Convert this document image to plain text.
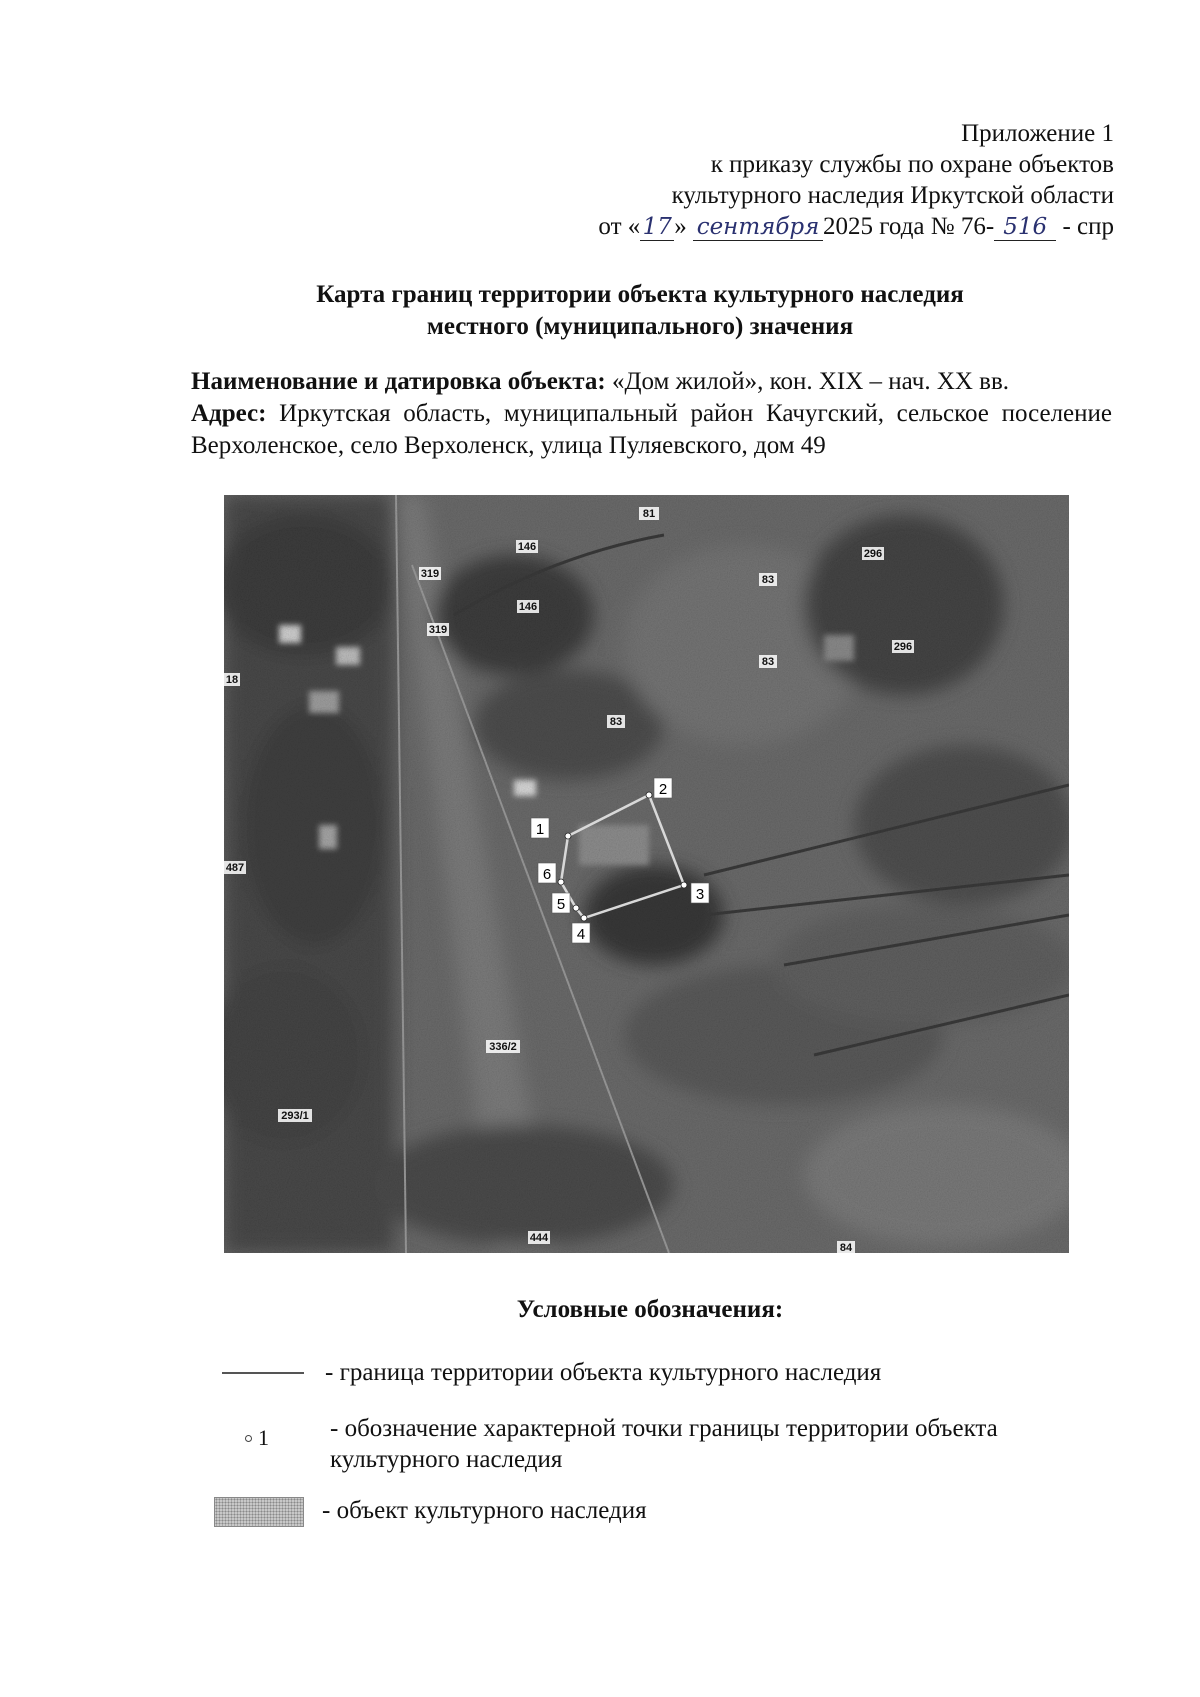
Приложение 1
к приказу службы по охране объектов
культурного наследия Иркутской области
от « 17» сентября 2025 года № 76- 516 - спр
Карта границ территории объекта культурного наследия
местного (муниципального) значения
Наименование и датировка объекта: «Дом жилой», кон. XIX – нач. XX вв.
Адрес: Иркутская область, муниципальный район Качугский, сельское поселение Верхоленское, село Верхоленск, улица Пуляевского, дом 49
81
146
319
296
83
146
319
83
296
18
83
487
336/2
293/1
444
84
1
2
3
4
5
6
Условные обозначения:
- граница территории объекта культурного наследия
1 - обозначение характерной точки границы территории объекта
культурного наследия
- объект культурного наследия
